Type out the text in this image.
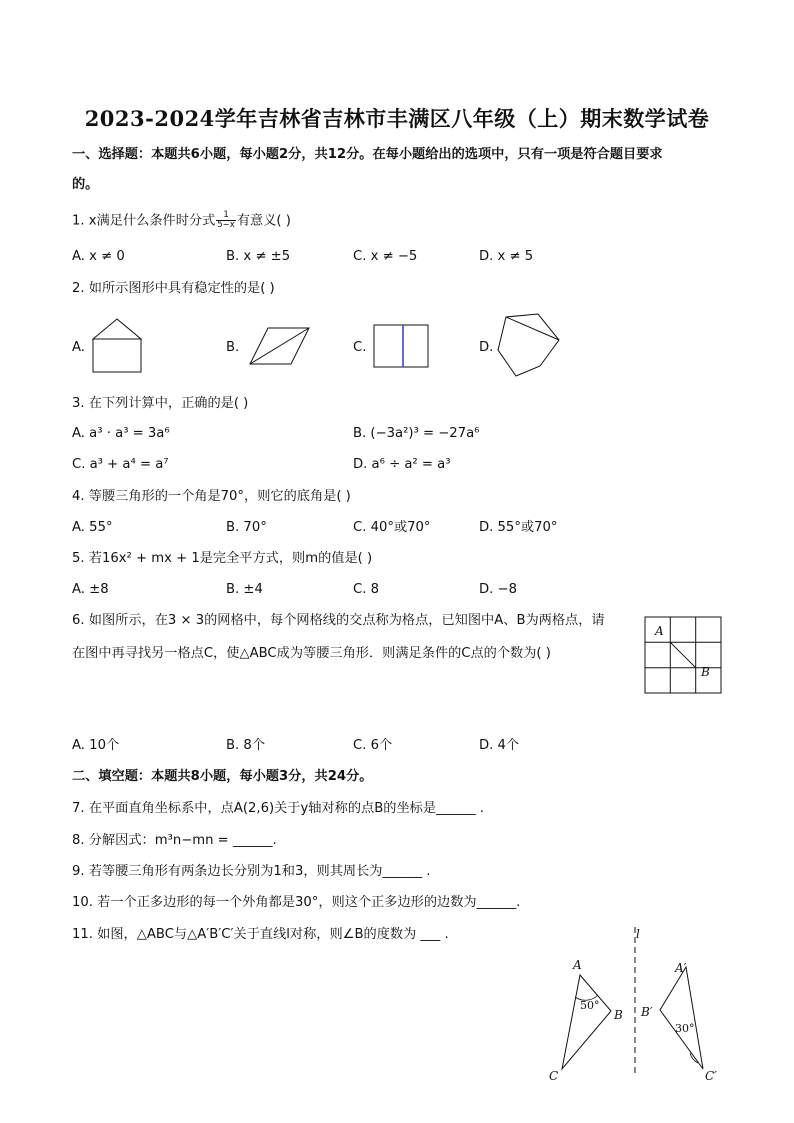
2023-2024学年吉林省吉林市丰满区八年级（上）期末数学试卷
一、选择题：本题共6小题，每小题2分，共12分。在每小题给出的选项中，只有一项是符合题目要求
的。
1. x满足什么条件时分式 $\frac{1}{5-x}$ 有意义( )
A. x ≠ 0	B. x ≠ ±5	C. x ≠ −5	D. x ≠ 5
2. 如所示图形中具有稳定性的是( )
A.	B.	C.	D.
3. 在下列计算中，正确的是( )
A. a³ · a³ = 3a⁶	B. (−3a²)³ = −27a⁶
C. a³ + a⁴ = a⁷	D. a⁶ ÷ a² = a³
4. 等腰三角形的一个角是70°，则它的底角是( )
A. 55°	B. 70°	C. 40°或70°	D. 55°或70°
5. 若16x² + mx + 1是完全平方式，则m的值是( )
A. ±8	B. ±4	C. 8	D. −8
6. 如图所示，在3 × 3的网格中，每个网格线的交点称为格点，已知图中A、B为两格点，请
在图中再寻找另一格点C，使△ABC成为等腰三角形．则满足条件的C点的个数为( )
A
B
A. 10个	B. 8个	C. 6个	D. 4个
二、填空题：本题共8小题，每小题3分，共24分。
7. 在平面直角坐标系中，点A(2,6)关于y轴对称的点B的坐标是______ .
8. 分解因式：m³n−mn = ______.
9. 若等腰三角形有两条边长分别为1和3，则其周长为______ .
10. 若一个正多边形的每一个外角都是30°，则这个正多边形的边数为______.
11. 如图，△ABC与△A′B′C′关于直线l对称，则∠B的度数为 ___ .	l
A
B
C
50°
A′
B′
C′
30°
